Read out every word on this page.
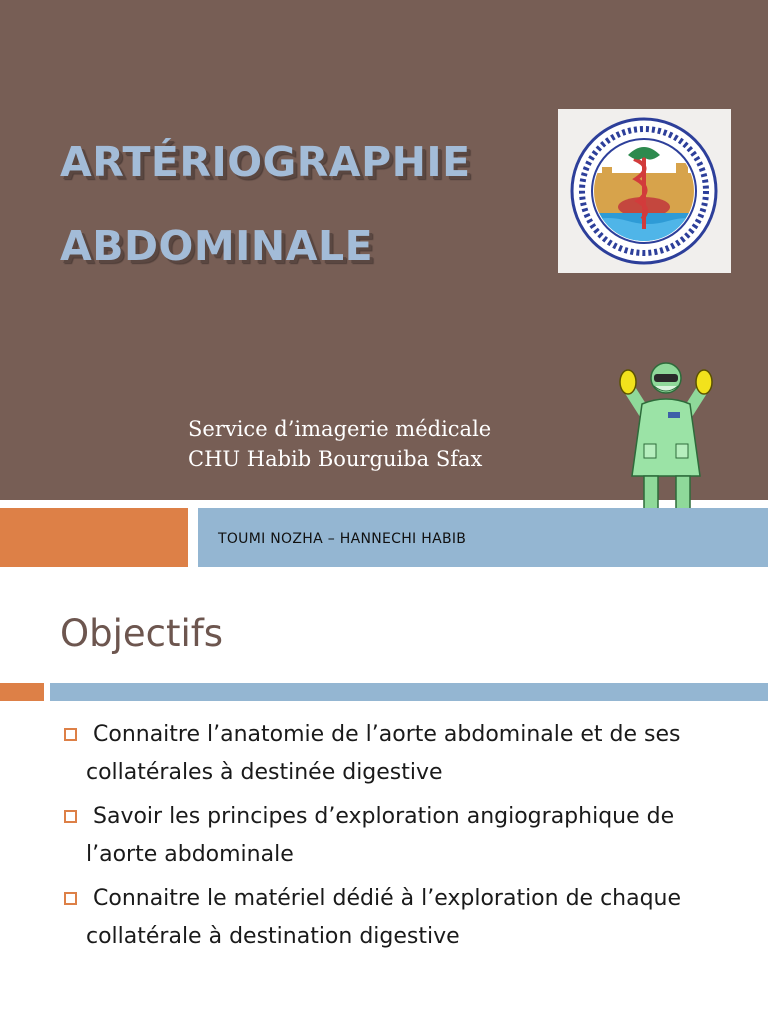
ARTÉRIOGRAPHIE
ABDOMINALE
Service d’imagerie médicale
CHU Habib Bourguiba Sfax
TOUMI NOZHA – HANNECHI HABIB
Objectifs
Connaitre l’anatomie de l’aorte abdominale et de ses collatérales à destinée digestive
Savoir les principes d’exploration angiographique de l’aorte abdominale
Connaitre le matériel dédié à l’exploration de chaque collatérale à destination digestive
